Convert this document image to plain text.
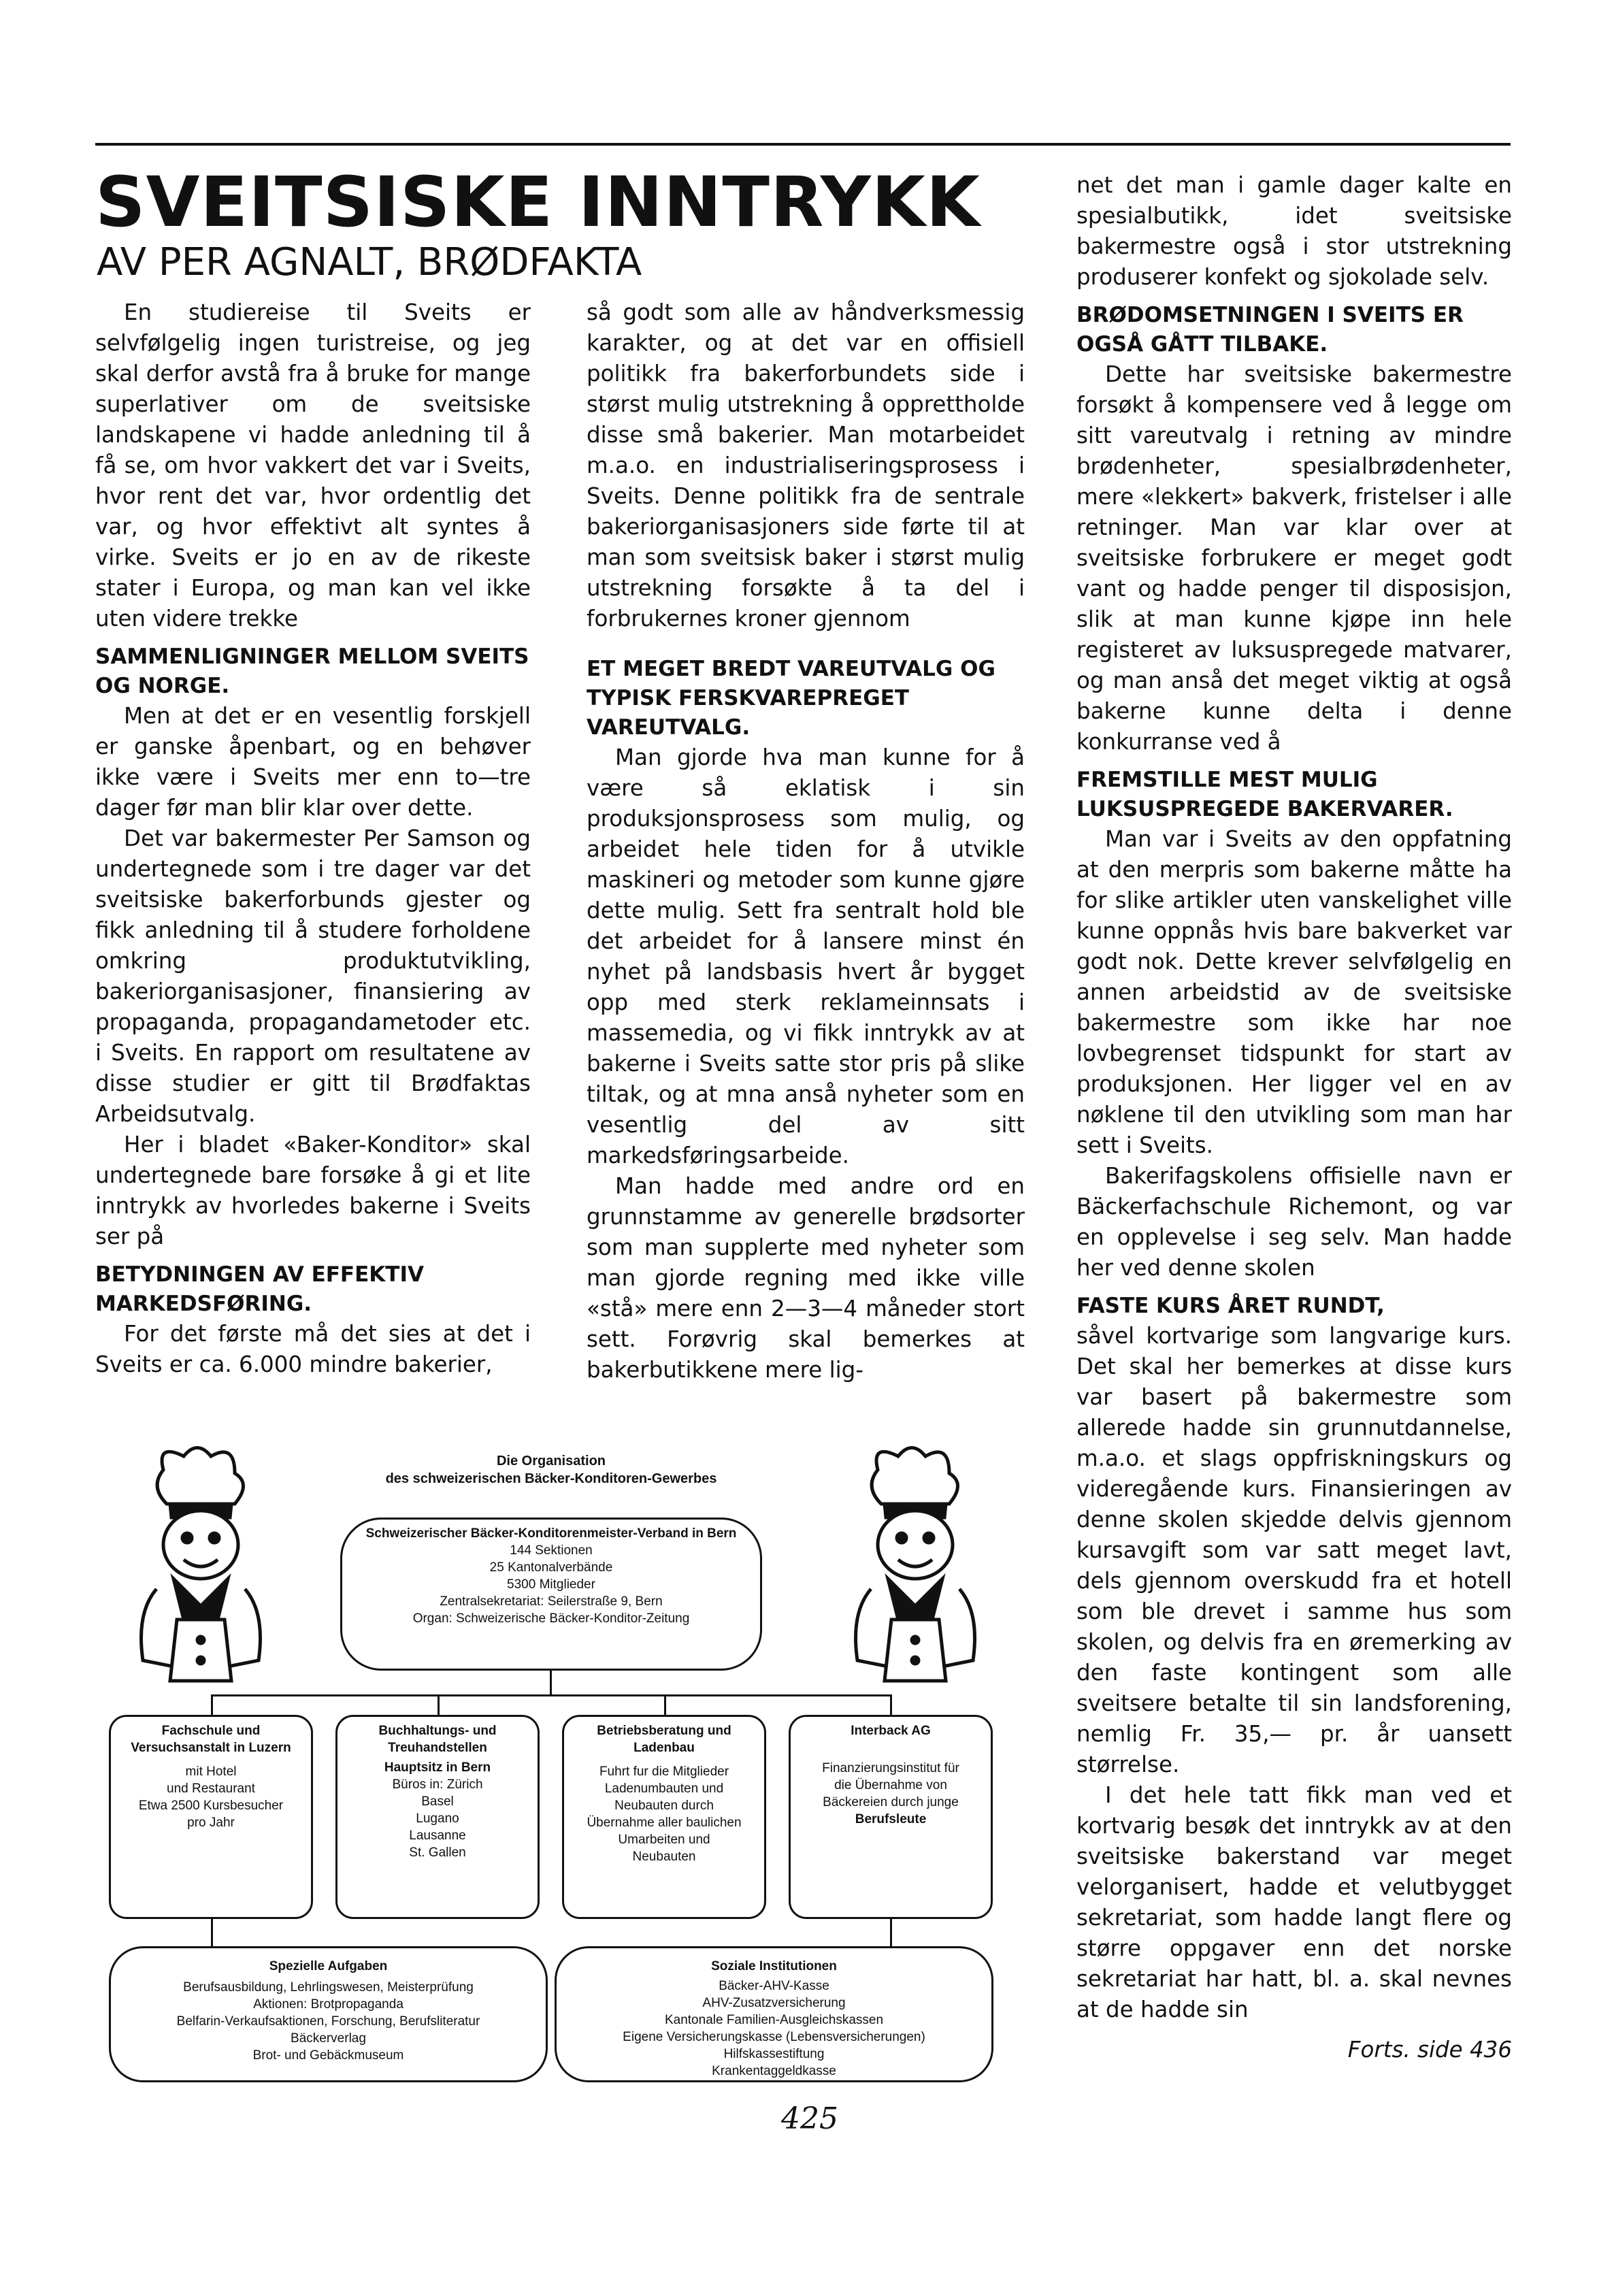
SVEITSISKE INNTRYKK
AV PER AGNALT, BRØDFAKTA

En studiereise til Sveits er selvfølgelig ingen turistreise, og jeg skal derfor avstå fra å bruke for mange superlativer om de sveitsiske landskapene vi hadde anledning til å få se, om hvor vakkert det var i Sveits, hvor rent det var, hvor ordentlig det var, og hvor effektivt alt syntes å virke. Sveits er jo en av de rikeste stater i Europa, og man kan vel ikke uten videre trekke

SAMMENLIGNINGER MELLOM SVEITS OG NORGE.

Men at det er en vesentlig forskjell er ganske åpenbart, og en behøver ikke være i Sveits mer enn to—tre dager før man blir klar over dette.

Det var bakermester Per Samson og undertegnede som i tre dager var det sveitsiske bakerforbunds gjester og fikk anledning til å studere forholdene omkring produktutvikling, bakeriorganisasjoner, finansiering av propaganda, propagandametoder etc. i Sveits. En rapport om resultatene av disse studier er gitt til Brødfaktas Arbeidsutvalg.

Her i bladet «Baker-Konditor» skal undertegnede bare forsøke å gi et lite inntrykk av hvorledes bakerne i Sveits ser på

BETYDNINGEN AV EFFEKTIV MARKEDSFØRING.

For det første må det sies at det i Sveits er ca. 6.000 mindre bakerier,

så godt som alle av håndverksmessig karakter, og at det var en offisiell politikk fra bakerforbundets side i størst mulig utstrekning å opprettholde disse små bakerier. Man motarbeidet m.a.o. en industrialiseringsprosess i Sveits. Denne politikk fra de sentrale bakeriorganisasjoners side førte til at man som sveitsisk baker i størst mulig utstrekning forsøkte å ta del i forbrukernes kroner gjennom

ET MEGET BREDT VAREUTVALG OG TYPISK FERSKVAREPREGET VAREUTVALG.

Man gjorde hva man kunne for å være så eklatisk i sin produksjonsprosess som mulig, og arbeidet hele tiden for å utvikle maskineri og metoder som kunne gjøre dette mulig. Sett fra sentralt hold ble det arbeidet for å lansere minst én nyhet på landsbasis hvert år bygget opp med sterk reklameinnsats i massemedia, og vi fikk inntrykk av at bakerne i Sveits satte stor pris på slike tiltak, og at mna anså nyheter som en vesentlig del av sitt markedsføringsarbeide.

Man hadde med andre ord en grunnstamme av generelle brødsorter som man supplerte med nyheter som man gjorde regning med ikke ville «stå» mere enn 2—3—4 måneder stort sett. Forøvrig skal bemerkes at bakerbutikkene mere lig-

net det man i gamle dager kalte en spesialbutikk, idet sveitsiske bakermestre også i stor utstrekning produserer konfekt og sjokolade selv.

BRØDOMSETNINGEN I SVEITS ER OGSÅ GÅTT TILBAKE.

Dette har sveitsiske bakermestre forsøkt å kompensere ved å legge om sitt vareutvalg i retning av mindre brødenheter, spesialbrødenheter, mere «lekkert» bakverk, fristelser i alle retninger. Man var klar over at sveitsiske forbrukere er meget godt vant og hadde penger til disposisjon, slik at man kunne kjøpe inn hele registeret av luksuspregede matvarer, og man anså det meget viktig at også bakerne kunne delta i denne konkurranse ved å

FREMSTILLE MEST MULIG LUKSUSPREGEDE BAKERVARER.

Man var i Sveits av den oppfatning at den merpris som bakerne måtte ha for slike artikler uten vanskelighet ville kunne oppnås hvis bare bakverket var godt nok. Dette krever selvfølgelig en annen arbeidstid av de sveitsiske bakermestre som ikke har noe lovbegrenset tidspunkt for start av produksjonen. Her ligger vel en av nøklene til den utvikling som man har sett i Sveits.

Bakerifagskolens offisielle navn er Bäckerfachschule Richemont, og var en opplevelse i seg selv. Man hadde her ved denne skolen

FASTE KURS ÅRET RUNDT,

såvel kortvarige som langvarige kurs. Det skal her bemerkes at disse kurs var basert på bakermestre som allerede hadde sin grunnutdannelse, m.a.o. et slags oppfriskningskurs og videregående kurs. Finansieringen av denne skolen skjedde delvis gjennom kursavgift som var satt meget lavt, dels gjennom overskudd fra et hotell som ble drevet i samme hus som skolen, og delvis fra en øremerking av den faste kontingent som alle sveitsere betalte til sin landsforening, nemlig Fr. 35,— pr. år uansett størrelse.

I det hele tatt fikk man ved et kortvarig besøk det inntrykk av at den sveitsiske bakerstand var meget velorganisert, hadde et velutbygget sekretariat, som hadde langt flere og større oppgaver enn det norske sekretariat har hatt, bl. a. skal nevnes at de hadde sin

Forts. side 436

Die Organisation
des schweizerischen Bäcker-Konditoren-Gewerbes
Schweizerischer Bäcker-Konditorenmeister-Verband in Bern
144 Sektionen
25 Kantonalverbände
5300 Mitglieder
Zentralsekretariat: Seilerstraße 9, Bern
Organ: Schweizerische Bäcker-Konditor-Zeitung
Fachschule und Versuchsanstalt in Luzern
mit Hotel
und Restaurant
Etwa 2500 Kursbesucher
pro Jahr
Buchhaltungs- und Treuhandstellen
Hauptsitz in Bern
Büros in: Zürich
Basel
Lugano
Lausanne
St. Gallen
Betriebsberatung und Ladenbau
Fuhrt fur die Mitglieder
Ladenumbauten und
Neubauten durch
Übernahme aller baulichen Umarbeiten und
Neubauten
Interback AG
Finanzierungsinstitut für
die Übernahme von
Bäckereien durch junge
Berufsleute
Spezielle Aufgaben
Berufsausbildung, Lehrlingswesen, Meisterprüfung
Aktionen: Brotpropaganda
Belfarin-Verkaufsaktionen, Forschung, Berufsliteratur
Bäckerverlag
Brot- und Gebäckmuseum
Soziale Institutionen
Bäcker-AHV-Kasse
AHV-Zusatzversicherung
Kantonale Familien-Ausgleichskassen
Eigene Versicherungskasse (Lebensversicherungen)
Hilfskassestiftung
Krankentaggeldkasse
425
